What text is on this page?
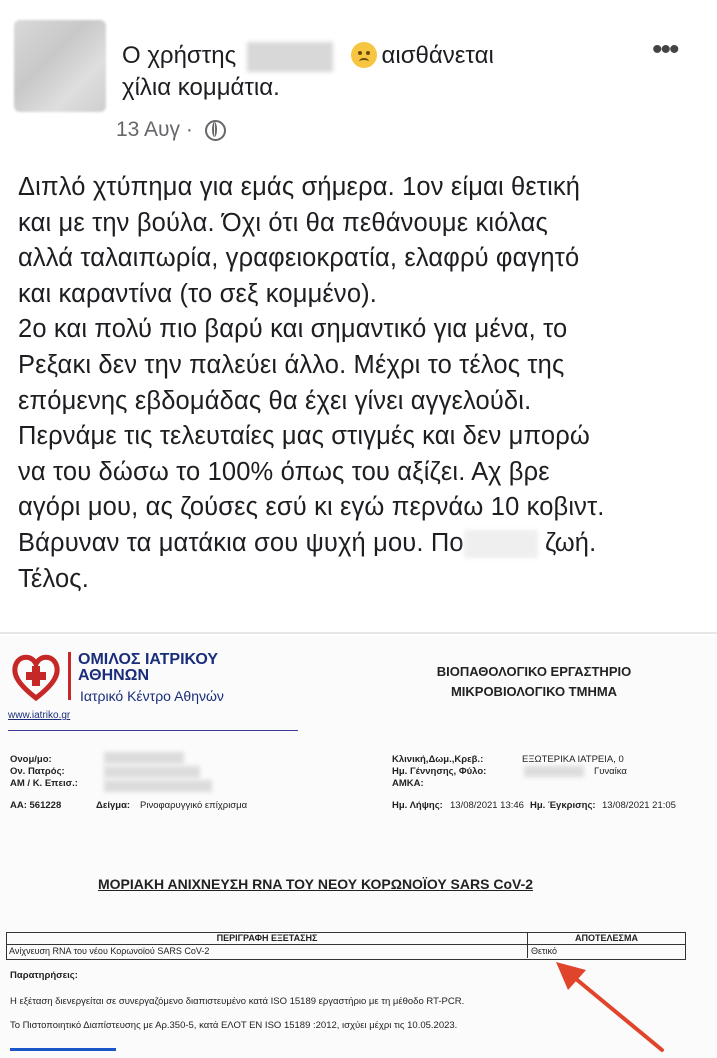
Ο χρήστης	αισθάνεται
χίλια κομμάτια.
•••
13 Αυγ ·

Διπλό χτύπημα για εμάς σήμερα. 1ον είμαι θετική

και με την βούλα. Όχι ότι θα πεθάνουμε κιόλας

αλλά ταλαιπωρία, γραφειοκρατία, ελαφρύ φαγητό

και καραντίνα (το σεξ κομμένο).

2ο και πολύ πιο βαρύ και σημαντικό για μένα, το

Ρεξακι δεν την παλεύει άλλο. Μέχρι το τέλος της

επόμενης εβδομάδας θα έχει γίνει αγγελούδι.

Περνάμε τις τελευταίες μας στιγμές και δεν μπορώ

να του δώσω το 100% όπως του αξίζει. Αχ βρε

αγόρι μου, ας ζούσες εσύ κι εγώ περνάω 10 κοβιντ.

Βάρυναν τα ματάκια σου ψυχή μου. Πο	ζωή.

Τέλος.

ΟΜΙΛΟΣ ΙΑΤΡΙΚΟΥ
ΑΘΗΝΩΝ
Ιατρικό Κέντρο Αθηνών
www.iatriko.gr

ΒΙΟΠΑΘΟΛΟΓΙΚΟ ΕΡΓΑΣΤΗΡΙΟ
ΜΙΚΡΟΒΙΟΛΟΓΙΚΟ ΤΜΗΜΑ
Ονομ/μο:
Ον. Πατρός:
ΑΜ / Κ. Επεισ.:
Κλινική,Δωμ.,Κρεβ.:	ΕΞΩΤΕΡΙΚΑ ΙΑΤΡΕΙΑ, 0
Ημ. Γέννησης, Φύλο:	Γυναίκα
ΑΜΚΑ:
ΑΑ: 561228	Δείγμα: Ρινοφαρυγγικό επίχρισμα	Ημ. Λήψης: 13/08/2021 13:46 Ημ. Έγκρισης: 13/08/2021 21:05
ΜΟΡΙΑΚΗ ΑΝΙΧΝΕΥΣΗ RNA ΤΟΥ ΝΕΟΥ ΚΟΡΩΝΟΪΟΥ SARS CoV-2
ΠΕΡΙΓΡΑΦΗ ΕΞΕΤΑΣΗΣ	ΑΠΟΤΕΛΕΣΜΑ
Ανίχνευση RNA του νέου Κορωνοϊού SARS CoV-2	Θετικό
Παρατηρήσεις:
Η εξέταση διενεργείται σε συνεργαζόμενο διαπιστευμένο κατά ISO 15189 εργαστήριο με τη μέθοδο RT-PCR.
Το Πιστοποιητικό Διαπίστευσης με Αρ.350-5, κατά ΕΛΟΤ ΕΝ ISO 15189 :2012, ισχύει μέχρι τις 10.05.2023.
